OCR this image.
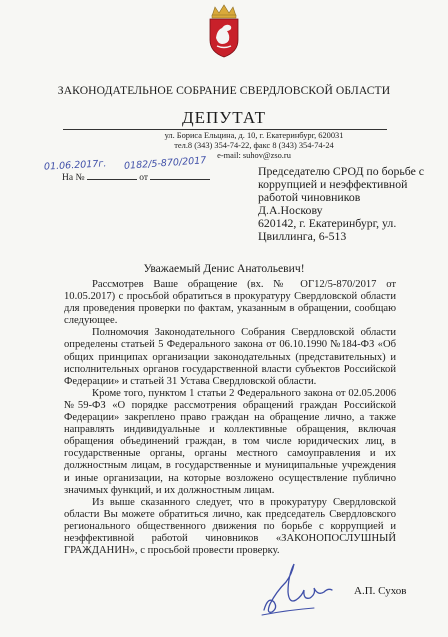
ЗАКОНОДАТЕЛЬНОЕ СОБРАНИЕ СВЕРДЛОВСКОЙ ОБЛАСТИ
ДЕПУТАТ
ул. Бориса Ельцина, д. 10, г. Екатеринбург, 620031
тел.8 (343) 354-74-22, факс 8 (343) 354-74-24
e-mail: suhov@zso.ru
01.06.2017г. 0182/5-870/2017
На №	от	Председателю СРОД по борьбе с
коррупцией и неэффективной
работой чиновников
Д.А.Носкову
620142, г. Екатеринбург, ул.
Цвиллинга, 6-513
Уважаемый Денис Анатольевич!

Рассмотрев Ваше обращение (вх. № ОГ12/5-870/2017 от 10.05.2017) с просьбой обратиться в прокуратуру Свердловской области для проведения проверки по фактам, указанным в обращении, сообщаю следующее.

Полномочия Законодательного Собрания Свердловской области определены статьей 5 Федерального закона от 06.10.1990 №184-ФЗ «Об общих принципах организации законодательных (представительных) и исполнительных органов государственной власти субъектов Российской Федерации» и статьей 31 Устава Свердловской области.

Кроме того, пунктом 1 статьи 2 Федерального закона от 02.05.2006 №59-ФЗ «О порядке рассмотрения обращений граждан Российской Федерации» закреплено право граждан на обращение лично, а также направлять индивидуальные и коллективные обращения, включая обращения объединений граждан, в том числе юридических лиц, в государственные органы, органы местного самоуправления и их должностным лицам, в государственные и муниципальные учреждения и иные организации, на которые возложено осуществление публично значимых функций, и их должностным лицам.

Из выше сказанного следует, что в прокуратуру Свердловской области Вы можете обратиться лично, как председатель Свердловского регионального общественного движения по борьбе с коррупцией и неэффективной работой чиновников «ЗАКОНОПОСЛУШНЫЙ ГРАЖДАНИН», с просьбой провести проверку.

А.П. Сухов
